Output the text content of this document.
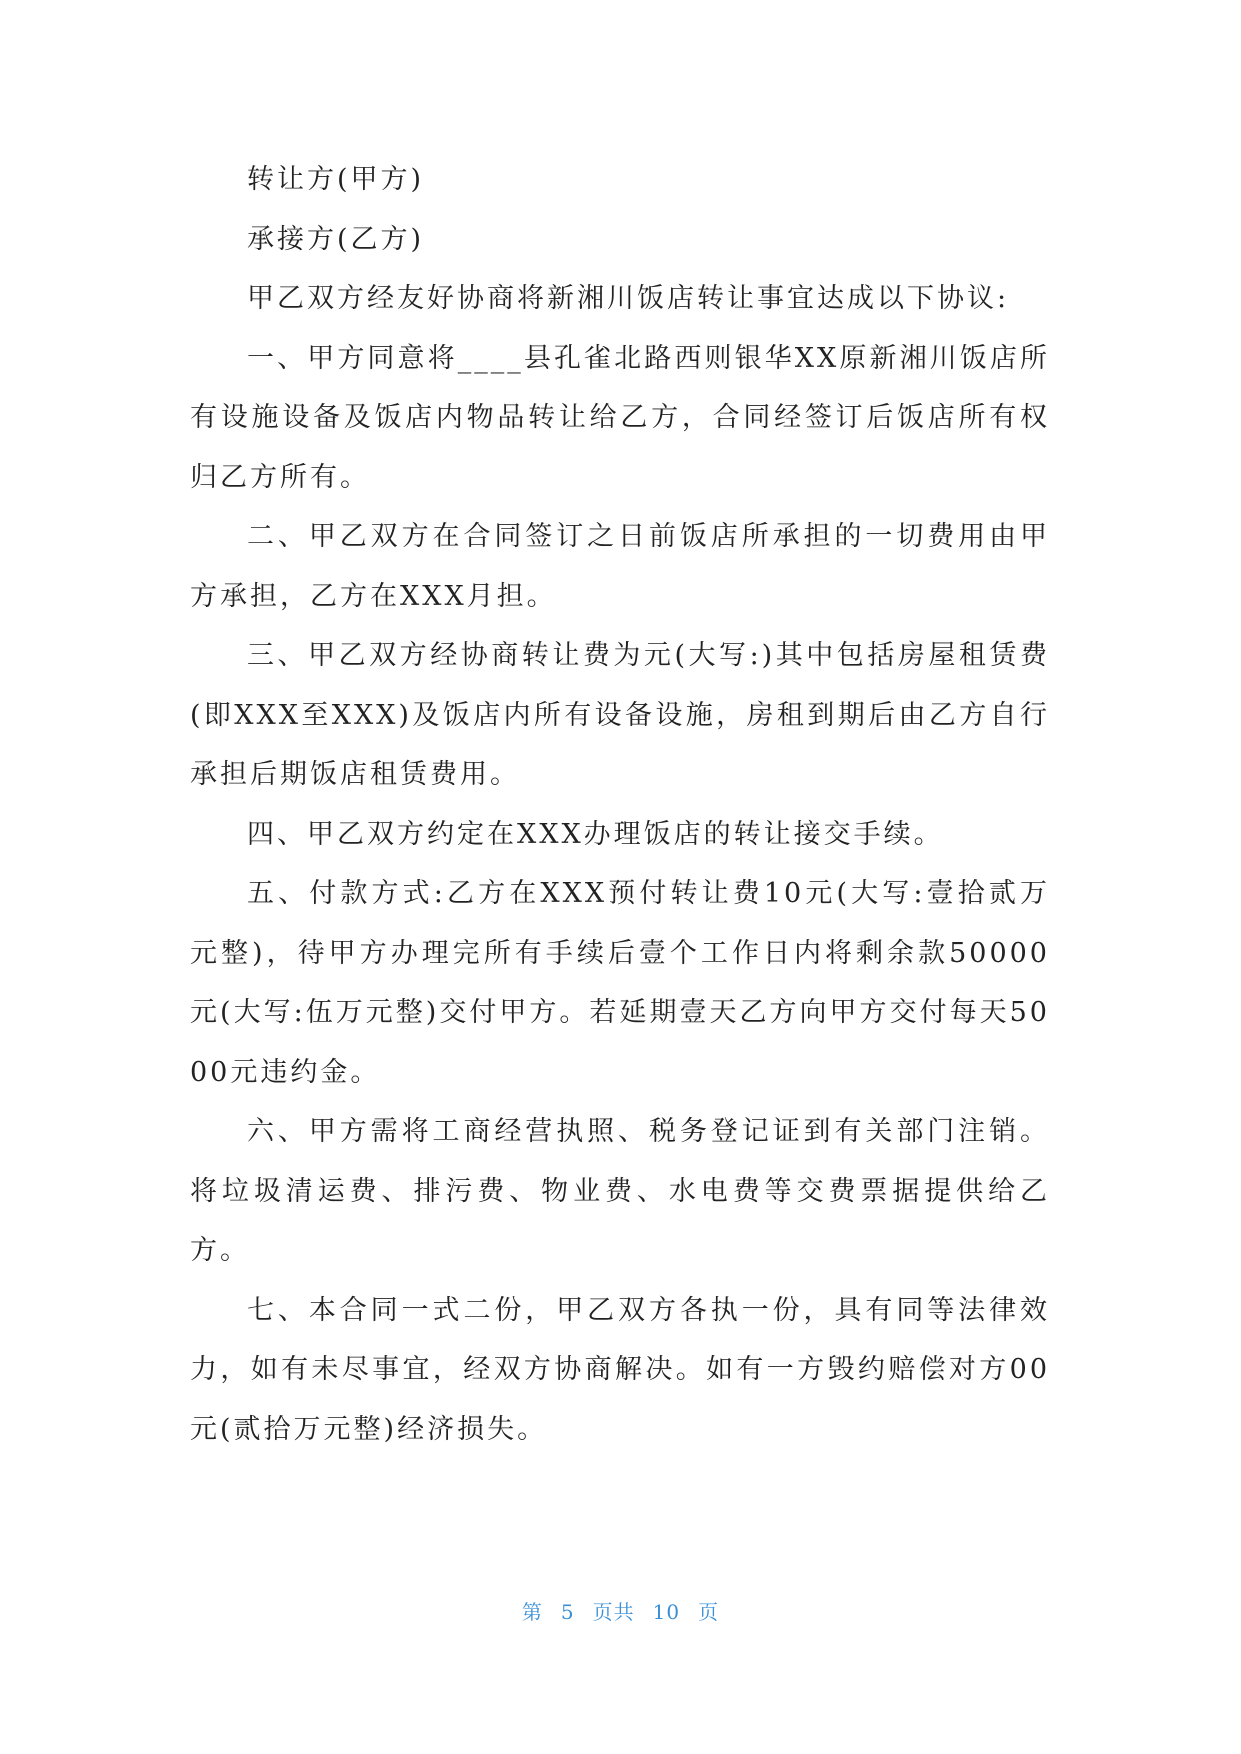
转让方(甲方)

承接方(乙方)

甲乙双方经友好协商将新湘川饭店转让事宜达成以下协议:

一、甲方同意将____县孔雀北路西则银华XX原新湘川饭店所有设施设备及饭店内物品转让给乙方，合同经签订后饭店所有权归乙方所有。

二、甲乙双方在合同签订之日前饭店所承担的一切费用由甲方承担，乙方在XXX月担。

三、甲乙双方经协商转让费为元(大写:)其中包括房屋租赁费(即XXX至XXX)及饭店内所有设备设施，房租到期后由乙方自行承担后期饭店租赁费用。

四、甲乙双方约定在XXX办理饭店的转让接交手续。

五、付款方式:乙方在XXX预付转让费10元(大写:壹拾贰万元整)，待甲方办理完所有手续后壹个工作日内将剩余款50000元(大写:伍万元整)交付甲方。若延期壹天乙方向甲方交付每天5000元违约金。

六、甲方需将工商经营执照、税务登记证到有关部门注销。将垃圾清运费、排污费、物业费、水电费等交费票据提供给乙方。

七、本合同一式二份，甲乙双方各执一份，具有同等法律效力，如有未尽事宜，经双方协商解决。如有一方毁约赔偿对方00元(贰拾万元整)经济损失。

第 5 页共 10 页
